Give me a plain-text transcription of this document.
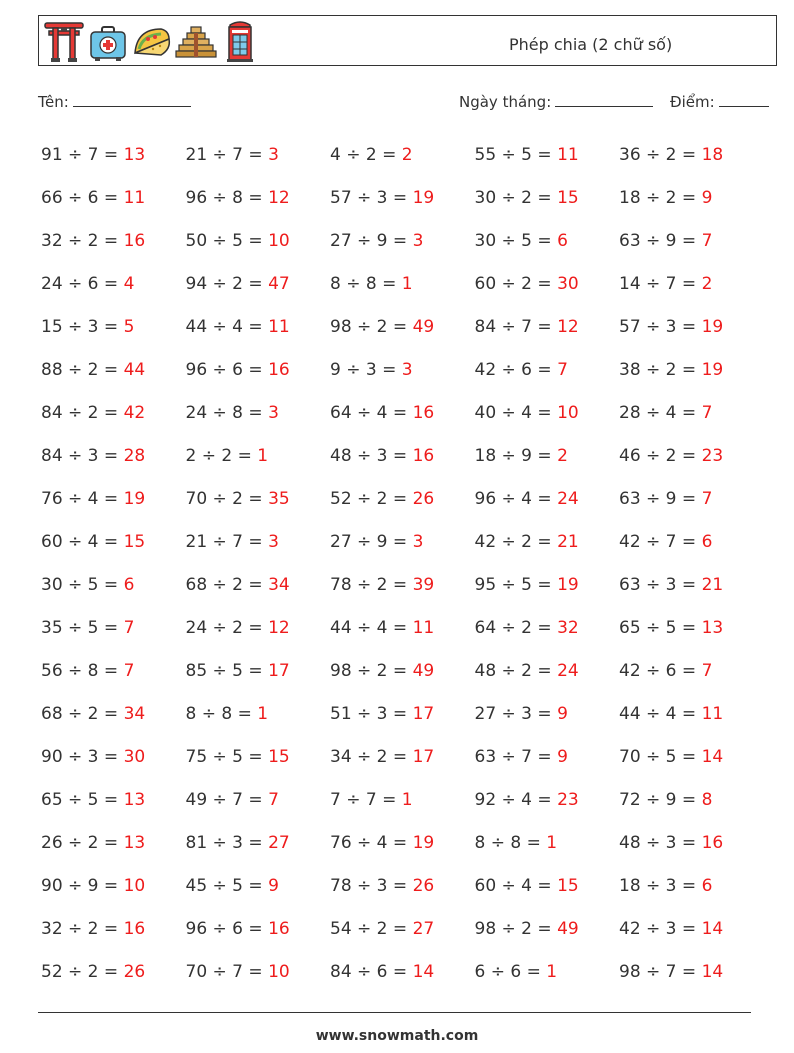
Phép chia (2 chữ số)
Tên:	Ngày tháng:	Điểm:
91 ÷ 7 = 13	21 ÷ 7 = 3	4 ÷ 2 = 2	55 ÷ 5 = 11	36 ÷ 2 = 18
66 ÷ 6 = 11	96 ÷ 8 = 12	57 ÷ 3 = 19	30 ÷ 2 = 15	18 ÷ 2 = 9
32 ÷ 2 = 16	50 ÷ 5 = 10	27 ÷ 9 = 3	30 ÷ 5 = 6	63 ÷ 9 = 7
24 ÷ 6 = 4	94 ÷ 2 = 47	8 ÷ 8 = 1	60 ÷ 2 = 30	14 ÷ 7 = 2
15 ÷ 3 = 5	44 ÷ 4 = 11	98 ÷ 2 = 49	84 ÷ 7 = 12	57 ÷ 3 = 19
88 ÷ 2 = 44	96 ÷ 6 = 16	9 ÷ 3 = 3	42 ÷ 6 = 7	38 ÷ 2 = 19
84 ÷ 2 = 42	24 ÷ 8 = 3	64 ÷ 4 = 16	40 ÷ 4 = 10	28 ÷ 4 = 7
84 ÷ 3 = 28	2 ÷ 2 = 1	48 ÷ 3 = 16	18 ÷ 9 = 2	46 ÷ 2 = 23
76 ÷ 4 = 19	70 ÷ 2 = 35	52 ÷ 2 = 26	96 ÷ 4 = 24	63 ÷ 9 = 7
60 ÷ 4 = 15	21 ÷ 7 = 3	27 ÷ 9 = 3	42 ÷ 2 = 21	42 ÷ 7 = 6
30 ÷ 5 = 6	68 ÷ 2 = 34	78 ÷ 2 = 39	95 ÷ 5 = 19	63 ÷ 3 = 21
35 ÷ 5 = 7	24 ÷ 2 = 12	44 ÷ 4 = 11	64 ÷ 2 = 32	65 ÷ 5 = 13
56 ÷ 8 = 7	85 ÷ 5 = 17	98 ÷ 2 = 49	48 ÷ 2 = 24	42 ÷ 6 = 7
68 ÷ 2 = 34	8 ÷ 8 = 1	51 ÷ 3 = 17	27 ÷ 3 = 9	44 ÷ 4 = 11
90 ÷ 3 = 30	75 ÷ 5 = 15	34 ÷ 2 = 17	63 ÷ 7 = 9	70 ÷ 5 = 14
65 ÷ 5 = 13	49 ÷ 7 = 7	7 ÷ 7 = 1	92 ÷ 4 = 23	72 ÷ 9 = 8
26 ÷ 2 = 13	81 ÷ 3 = 27	76 ÷ 4 = 19	8 ÷ 8 = 1	48 ÷ 3 = 16
90 ÷ 9 = 10	45 ÷ 5 = 9	78 ÷ 3 = 26	60 ÷ 4 = 15	18 ÷ 3 = 6
32 ÷ 2 = 16	96 ÷ 6 = 16	54 ÷ 2 = 27	98 ÷ 2 = 49	42 ÷ 3 = 14
52 ÷ 2 = 26	70 ÷ 7 = 10	84 ÷ 6 = 14	6 ÷ 6 = 1	98 ÷ 7 = 14
www.snowmath.com
